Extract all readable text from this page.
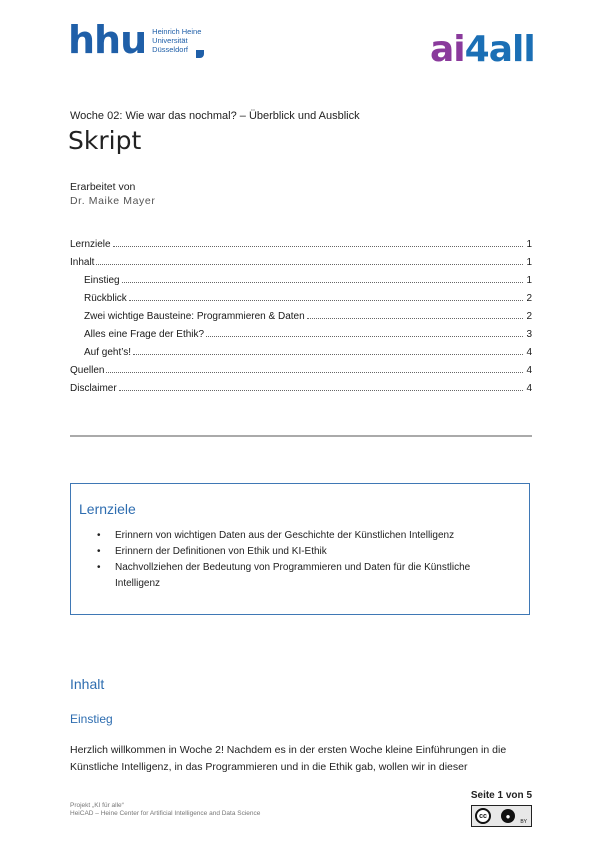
hhu Heinrich Heine
Universität
Düsseldorf	ai4all
Woche 02: Wie war das nochmal? – Überblick und Ausblick
Skript
Erarbeitet von
Dr. Maike Mayer
Lernziele	1
Inhalt	1
Einstieg	1
Rückblick	2
Zwei wichtige Bausteine: Programmieren & Daten	2
Alles eine Frage der Ethik?	3
Auf geht’s!	4
Quellen	4
Disclaimer	4
Lernziele
• Erinnern von wichtigen Daten aus der Geschichte der Künstlichen Intelligenz
• Erinnern der Definitionen von Ethik und KI-Ethik
• Nachvollziehen der Bedeutung von Programmieren und Daten für die Künstliche Intelligenz
Inhalt
Einstieg
Herzlich willkommen in Woche 2! Nachdem es in der ersten Woche kleine Einführungen in die Künstliche Intelligenz, in das Programmieren und in die Ethik gab, wollen wir in dieser
Projekt „KI für alle“
HeiCAD – Heine Center for Artificial Intelligence and Data Science
Seite 1 von 5
cc	●
BY
